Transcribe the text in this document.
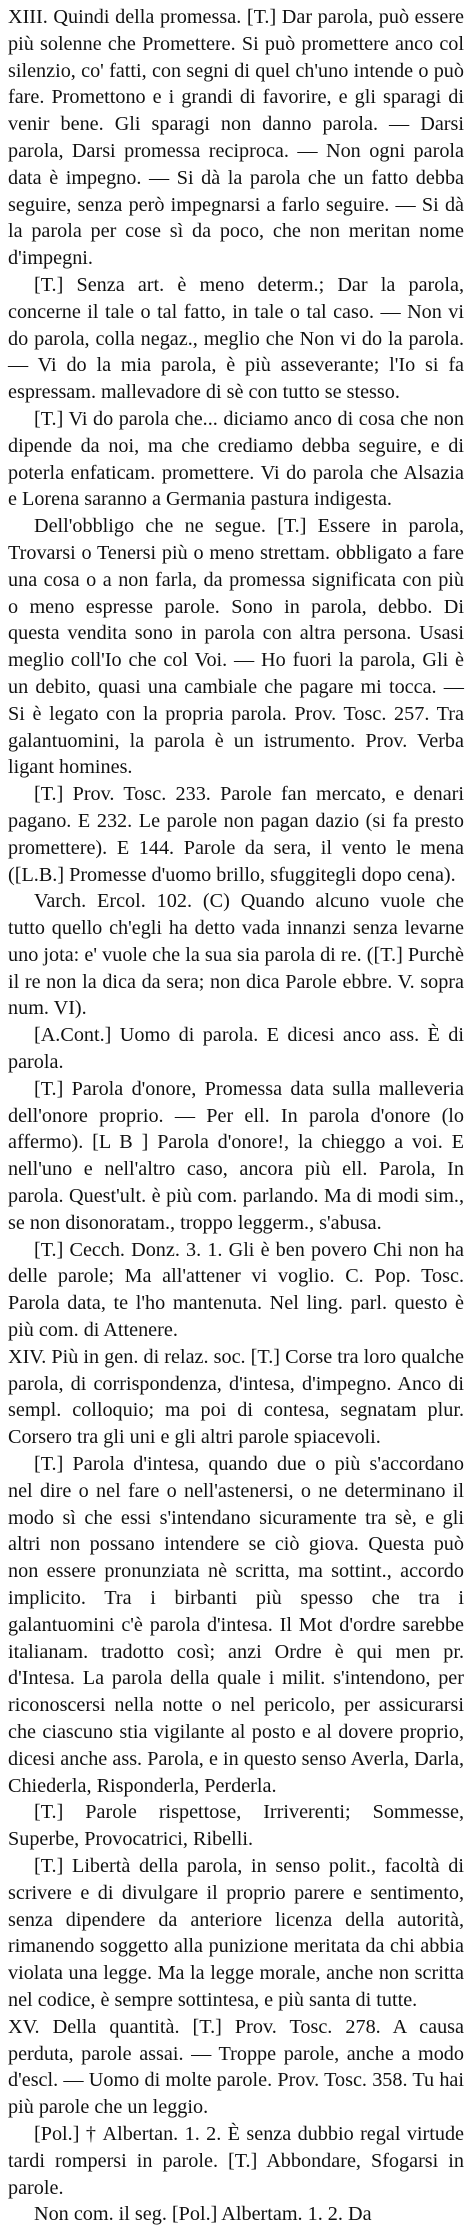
XIII. Quindi della promessa. [T.] Dar parola, può essere più solenne che Promettere. Si può promettere anco col silenzio, co' fatti, con segni di quel ch'uno intende o può fare. Promettono e i grandi di favorire, e gli sparagi di venir bene. Gli sparagi non danno parola. — Darsi parola, Darsi promessa reciproca. — Non ogni parola data è impegno. — Si dà la parola che un fatto debba seguire, senza però impegnarsi a farlo seguire. — Si dà la parola per cose sì da poco, che non meritan nome d'impegni.

[T.] Senza art. è meno determ.; Dar la parola, concerne il tale o tal fatto, in tale o tal caso. — Non vi do parola, colla negaz., meglio che Non vi do la parola. — Vi do la mia parola, è più asseverante; l'Io si fa espressam. mallevadore di sè con tutto se stesso.

[T.] Vi do parola che... diciamo anco di cosa che non dipende da noi, ma che crediamo debba seguire, e di poterla enfaticam. promettere. Vi do parola che Alsazia e Lorena saranno a Germania pastura indigesta.

Dell'obbligo che ne segue. [T.] Essere in parola, Trovarsi o Tenersi più o meno strettam. obbligato a fare una cosa o a non farla, da promessa significata con più o meno espresse parole. Sono in parola, debbo. Di questa vendita sono in parola con altra persona. Usasi meglio coll'Io che col Voi. — Ho fuori la parola, Gli è un debito, quasi una cambiale che pagare mi tocca. — Si è legato con la propria parola. Prov. Tosc. 257. Tra galantuomini, la parola è un istrumento. Prov. Verba ligant homines.

[T.] Prov. Tosc. 233. Parole fan mercato, e denari pagano. E 232. Le parole non pagan dazio (si fa presto promettere). E 144. Parole da sera, il vento le mena ([L.B.] Promesse d'uomo brillo, sfuggitegli dopo cena).

Varch. Ercol. 102. (C) Quando alcuno vuole che tutto quello ch'egli ha detto vada innanzi senza levarne uno jota: e' vuole che la sua sia parola di re. ([T.] Purchè il re non la dica da sera; non dica Parole ebbre. V. sopra num. VI).

[A.Cont.] Uomo di parola. E dicesi anco ass. È di parola.

[T.] Parola d'onore, Promessa data sulla malleveria dell'onore proprio. — Per ell. In parola d'onore (lo affermo). [L B ] Parola d'onore!, la chieggo a voi. E nell'uno e nell'altro caso, ancora più ell. Parola, In parola. Quest'ult. è più com. parlando. Ma di modi sim., se non disonoratam., troppo leggerm., s'abusa.

[T.] Cecch. Donz. 3. 1. Gli è ben povero Chi non ha delle parole; Ma all'attener vi voglio. C. Pop. Tosc. Parola data, te l'ho mantenuta. Nel ling. parl. questo è più com. di Attenere.

XIV. Più in gen. di relaz. soc. [T.] Corse tra loro qualche parola, di corrispondenza, d'intesa, d'impegno. Anco di sempl. colloquio; ma poi di contesa, segnatam plur. Corsero tra gli uni e gli altri parole spiacevoli.

[T.] Parola d'intesa, quando due o più s'accordano nel dire o nel fare o nell'astenersi, o ne determinano il modo sì che essi s'intendano sicuramente tra sè, e gli altri non possano intendere se ciò giova. Questa può non essere pronunziata nè scritta, ma sottint., accordo implicito. Tra i birbanti più spesso che tra i galantuomini c'è parola d'intesa. Il Mot d'ordre sarebbe italianam. tradotto così; anzi Ordre è qui men pr. d'Intesa. La parola della quale i milit. s'intendono, per riconoscersi nella notte o nel pericolo, per assicurarsi che ciascuno stia vigilante al posto e al dovere proprio, dicesi anche ass. Parola, e in questo senso Averla, Darla, Chiederla, Risponderla, Perderla.

[T.] Parole rispettose, Irriverenti; Sommesse, Superbe, Provocatrici, Ribelli.

[T.] Libertà della parola, in senso polit., facoltà di scrivere e di divulgare il proprio parere e sentimento, senza dipendere da anteriore licenza della autorità, rimanendo soggetto alla punizione meritata da chi abbia violata una legge. Ma la legge morale, anche non scritta nel codice, è sempre sottintesa, e più santa di tutte.

XV. Della quantità. [T.] Prov. Tosc. 278. A causa perduta, parole assai. — Troppe parole, anche a modo d'escl. — Uomo di molte parole. Prov. Tosc. 358. Tu hai più parole che un leggio.

[Pol.] † Albertan. 1. 2. È senza dubbio regal virtude tardi rompersi in parole. [T.] Abbondare, Sfogarsi in parole.

Non com. il seg. [Pol.] Albertam. 1. 2. Da
